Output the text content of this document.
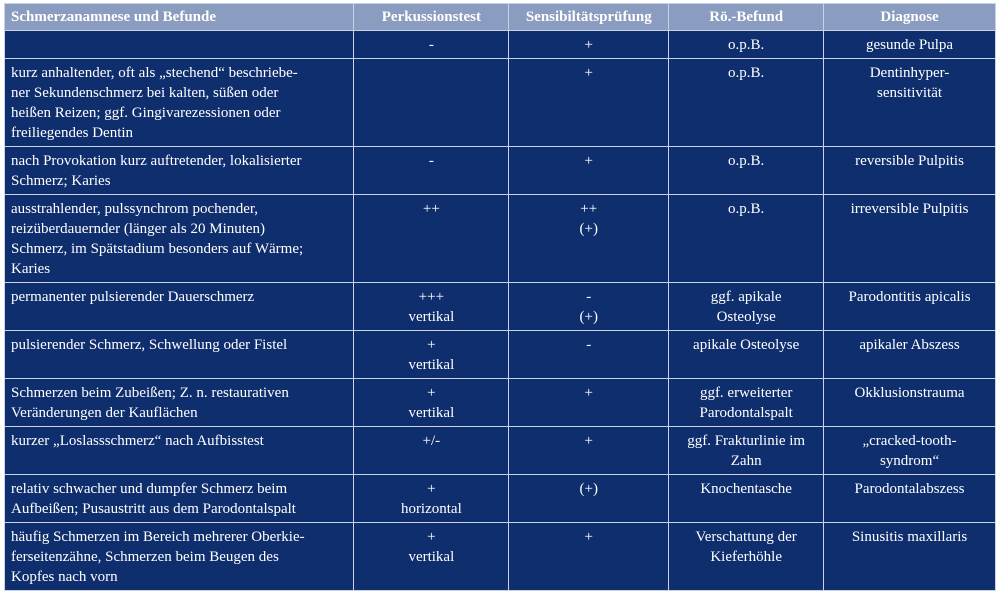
Schmerzanamnese und Befunde	Perkussionstest	Sensibiltätsprüfung	Rö.-Befund	Diagnose

	-	+	o.p.B.	gesunde Pulpa

kurz anhaltender, oft als „stechend“ beschriebe-
ner Sekundenschmerz bei kalten, süßen oder
heißen Reizen; ggf. Gingivarezessionen oder
freiliegendes Dentin		+	o.p.B.	Dentinhyper-
sensitivität

nach Provokation kurz auftretender, lokalisierter
Schmerz; Karies	-	+	o.p.B.	reversible Pulpitis

ausstrahlender, pulssynchrom pochender,
reizüberdauernder (länger als 20 Minuten)
Schmerz, im Spätstadium besonders auf Wärme;
Karies	++	++
(+)	o.p.B.	irreversible Pulpitis

permanenter pulsierender Dauerschmerz	+++
vertikal	-
(+)	ggf. apikale
Osteolyse	Parodontitis apicalis

pulsierender Schmerz, Schwellung oder Fistel	+
vertikal	-	apikale Osteolyse	apikaler Abszess

Schmerzen beim Zubeißen; Z. n. restaurativen
Veränderungen der Kauflächen	+
vertikal	+	ggf. erweiterter
Parodontalspalt	Okklusionstrauma

kurzer „Loslassschmerz“ nach Aufbisstest	+/-	+	ggf. Frakturlinie im
Zahn	„cracked-tooth-
syndrom“

relativ schwacher und dumpfer Schmerz beim
Aufbeißen; Pusaustritt aus dem Parodontalspalt	+
horizontal	(+)	Knochentasche	Parodontalabszess

häufig Schmerzen im Bereich mehrerer Oberkie-
ferseitenzähne, Schmerzen beim Beugen des
Kopfes nach vorn	+
vertikal	+	Verschattung der
Kieferhöhle	Sinusitis maxillaris
